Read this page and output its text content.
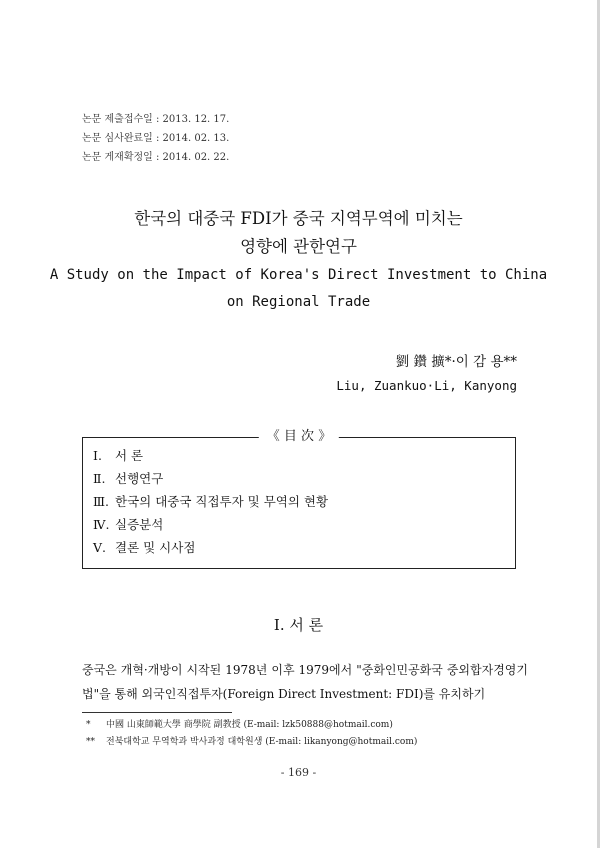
논문 제출접수일 : 2013. 12. 17.
논문 심사완료일 : 2014. 02. 13.
논문 게재확정일 : 2014. 02. 22.
한국의 대중국 FDI가 중국 지역무역에 미치는
영향에 관한연구
A Study on the Impact of Korea's Direct Investment to China
on Regional Trade
劉 鑽 擴*·이 감 용**
Liu, Zuankuo·Li, Kanyong
《 目 次 》
Ⅰ. 서 론
Ⅱ. 선행연구
Ⅲ. 한국의 대중국 직접투자 및 무역의 현황
Ⅳ. 실증분석
Ⅴ. 결론 및 시사점
Ⅰ. 서 론
중국은 개혁·개방이 시작된 1978년 이후 1979에서 "중화인민공화국 중외합자경영기법"을 통해 외국인직접투자(Foreign Direct Investment: FDI)를 유치하기
* 中國 山東師範大學 商學院 副教授 (E-mail: lzk50888@hotmail.com)
** 전북대학교 무역학과 박사과정 대학원생 (E-mail: likanyong@hotmail.com)
- 169 -
